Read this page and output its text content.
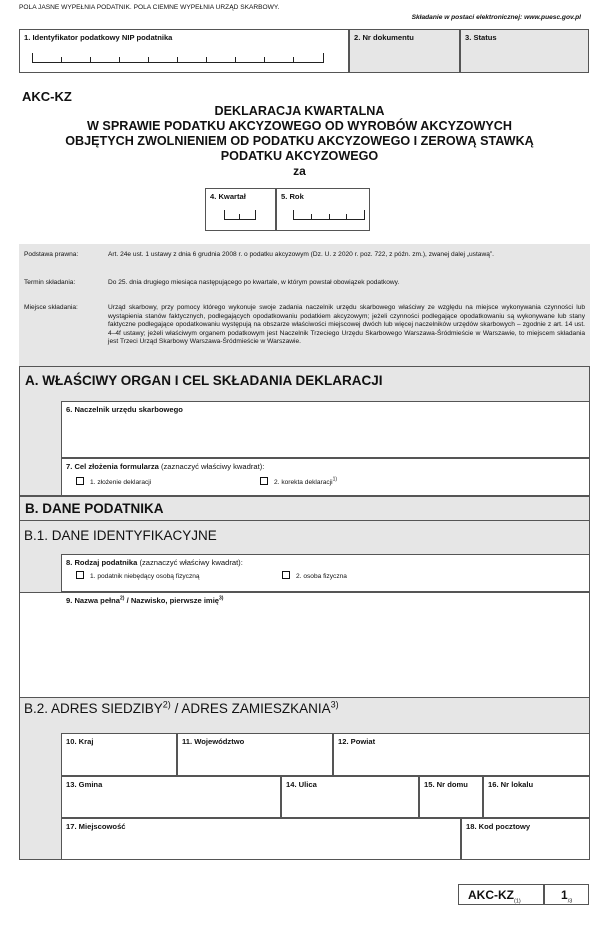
POLA JASNE WYPEŁNIA PODATNIK. POLA CIEMNE WYPEŁNIA URZĄD SKARBOWY.
Składanie w postaci elektronicznej: www.puesc.gov.pl
1. Identyfikator podatkowy NIP podatnika	2. Nr dokumentu	3. Status
AKC-KZ
DEKLARACJA KWARTALNA
W SPRAWIE PODATKU AKCYZOWEGO OD WYROBÓW AKCYZOWYCH
OBJĘTYCH ZWOLNIENIEM OD PODATKU AKCYZOWEGO I ZEROWĄ STAWKĄ
PODATKU AKCYZOWEGO
za
4. Kwartał	5. Rok
Podstawa prawna:	Art. 24e ust. 1 ustawy z dnia 6 grudnia 2008 r. o podatku akcyzowym (Dz. U. z 2020 r. poz. 722, z późn. zm.), zwanej dalej „ustawą”.
Termin składania:	Do 25. dnia drugiego miesiąca następującego po kwartale, w którym powstał obowiązek podatkowy.
Miejsce składania:	Urząd skarbowy, przy pomocy którego wykonuje swoje zadania naczelnik urzędu skarbowego właściwy ze względu na miejsce wykonywania czynności lub wystąpienia stanów faktycznych, podlegających opodatkowaniu podatkiem akcyzowym; jeżeli czynności podlegające opodatkowaniu są wykonywane lub stany faktyczne podlegające opodatkowaniu występują na obszarze właściwości miejscowej dwóch lub więcej naczelników urzędów skarbowych – zgodnie z art. 14 ust. 4–4f ustawy; jeżeli właściwym organem podatkowym jest Naczelnik Trzeciego Urzędu Skarbowego Warszawa-Śródmieście w Warszawie, to miejscem składania jest Trzeci Urząd Skarbowy Warszawa-Śródmieście w Warszawie.
A. WŁAŚCIWY ORGAN I CEL SKŁADANIA DEKLARACJI
6. Naczelnik urzędu skarbowego
7. Cel złożenia formularza (zaznaczyć właściwy kwadrat):
1. złożenie deklaracji	2. korekta deklaracji$^{1)}$
B. DANE PODATNIKA
B.1. DANE IDENTYFIKACYJNE
8. Rodzaj podatnika (zaznaczyć właściwy kwadrat):
1. podatnik niebędący osobą fizyczną	2. osoba fizyczna
9. Nazwa pełna$^{2)}$ / Nazwisko, pierwsze imię$^{3)}$
B.2. ADRES SIEDZIBY$^{2)}$ / ADRES ZAMIESZKANIA$^{3)}$
10. Kraj	11. Województwo	12. Powiat
13. Gmina	14. Ulica	15. Nr domu	16. Nr lokalu
17. Miejscowość	18. Kod pocztowy
AKC-$KZ_{(1)}$	$1_{/3}$
